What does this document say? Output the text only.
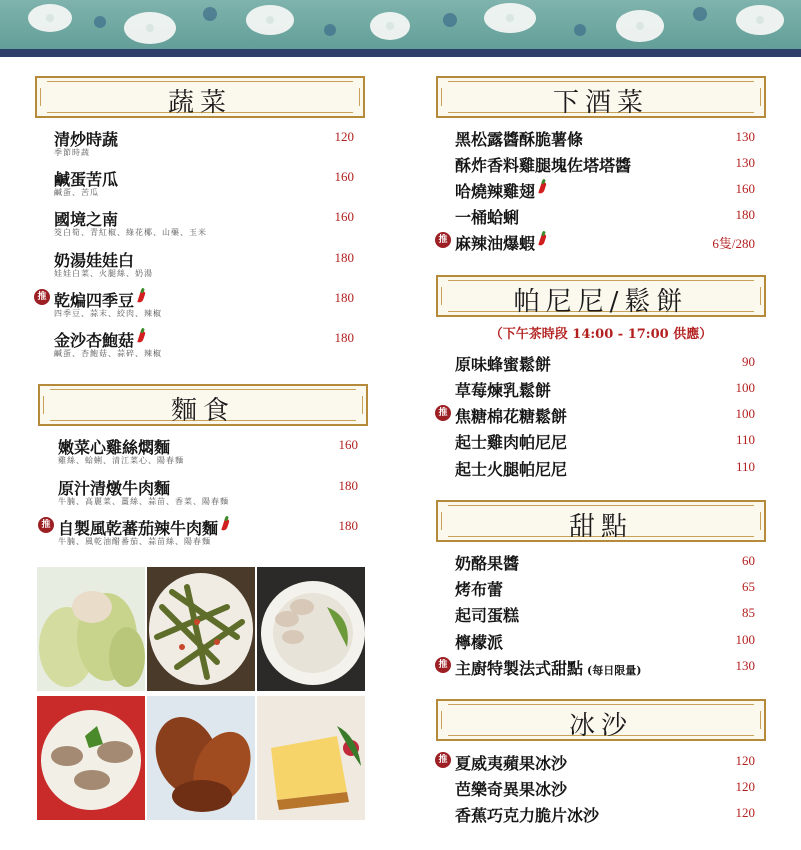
蔬菜
清炒時蔬
季節時蔬
120
鹹蛋苦瓜
鹹蛋、苦瓜
160
國境之南
筊白筍、青紅椒、綠花椰、山藥、玉米
160
奶湯娃娃白
娃娃白菜、火腿絲、奶湯
180
推 乾煸四季豆
四季豆、蒜末、絞肉、辣椒
180
金沙杏鮑菇
鹹蛋、杏鮑菇、蒜碎、辣椒
180
麵食
嫩菜心雞絲燜麵
雞絲、蛤蜊、清江菜心、陽春麵
160
原汁清燉牛肉麵
牛腩、高麗菜、薑絲、蒜苗、香菜、陽春麵
180
推 自製風乾蕃茄辣牛肉麵
牛腩、風乾油醋番茄、蒜苗絲、陽春麵
180
下酒菜
黑松露醬酥脆薯條	130
酥炸香料雞腿塊佐塔塔醬	130
哈燒辣雞翅	160
一桶蛤蜊	180
推 麻辣油爆蝦	6隻/280
帕尼尼/鬆餅
（下午茶時段 14:00 - 17:00 供應）
原味蜂蜜鬆餅	90
草莓煉乳鬆餅	100
推 焦糖棉花糖鬆餅	100
起士雞肉帕尼尼	110
起士火腿帕尼尼	110
甜點
奶酪果醬	60
烤布蕾	65
起司蛋糕	85
檸檬派	100
推 主廚特製法式甜點 (每日限量)	130
冰沙
推 夏威夷蘋果冰沙	120
芭樂奇異果冰沙	120
香蕉巧克力脆片冰沙	120
